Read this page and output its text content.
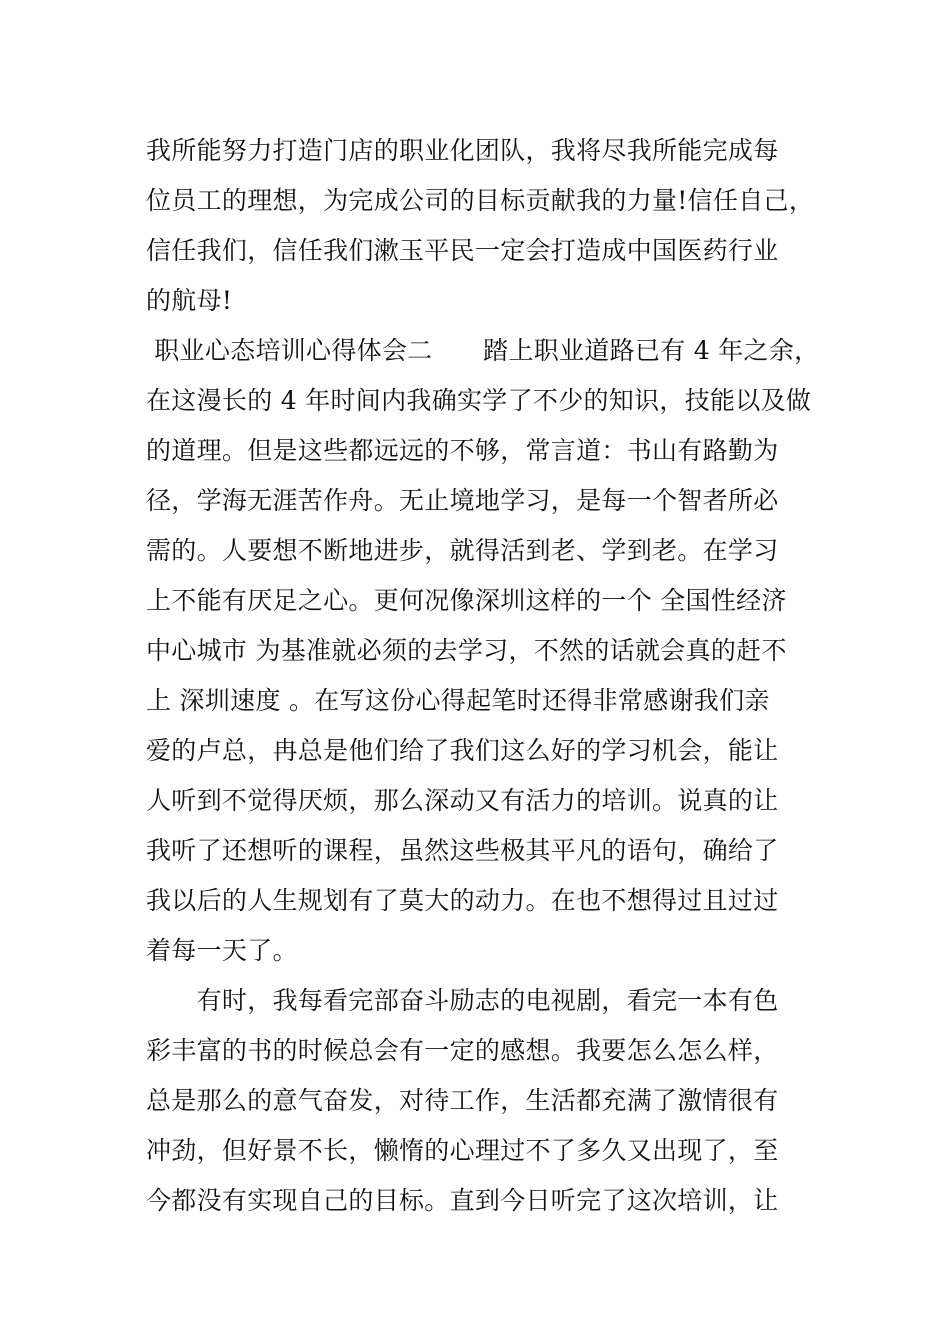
我所能努力打造门店的职业化团队，我将尽我所能完成每
位员工的理想，为完成公司的目标贡献我的力量!信任自己，
信任我们，信任我们漱玉平民一定会打造成中国医药行业
的航母!
职业心态培训心得体会二　　踏上职业道路已有 4 年之余，
在这漫长的 4 年时间内我确实学了不少的知识，技能以及做
的道理。但是这些都远远的不够，常言道：书山有路勤为
径，学海无涯苦作舟。无止境地学习，是每一个智者所必
需的。人要想不断地进步，就得活到老、学到老。在学习
上不能有厌足之心。更何况像深圳这样的一个 全国性经济
中心城市 为基准就必须的去学习，不然的话就会真的赶不
上 深圳速度 。在写这份心得起笔时还得非常感谢我们亲
爱的卢总，冉总是他们给了我们这么好的学习机会，能让
人听到不觉得厌烦，那么深动又有活力的培训。说真的让
我听了还想听的课程，虽然这些极其平凡的语句，确给了
我以后的人生规划有了莫大的动力。在也不想得过且过过
着每一天了。
　　有时，我每看完部奋斗励志的电视剧，看完一本有色
彩丰富的书的时候总会有一定的感想。我要怎么怎么样，
总是那么的意气奋发，对待工作，生活都充满了激情很有
冲劲，但好景不长，懒惰的心理过不了多久又出现了，至
今都没有实现自己的目标。直到今日听完了这次培训，让
